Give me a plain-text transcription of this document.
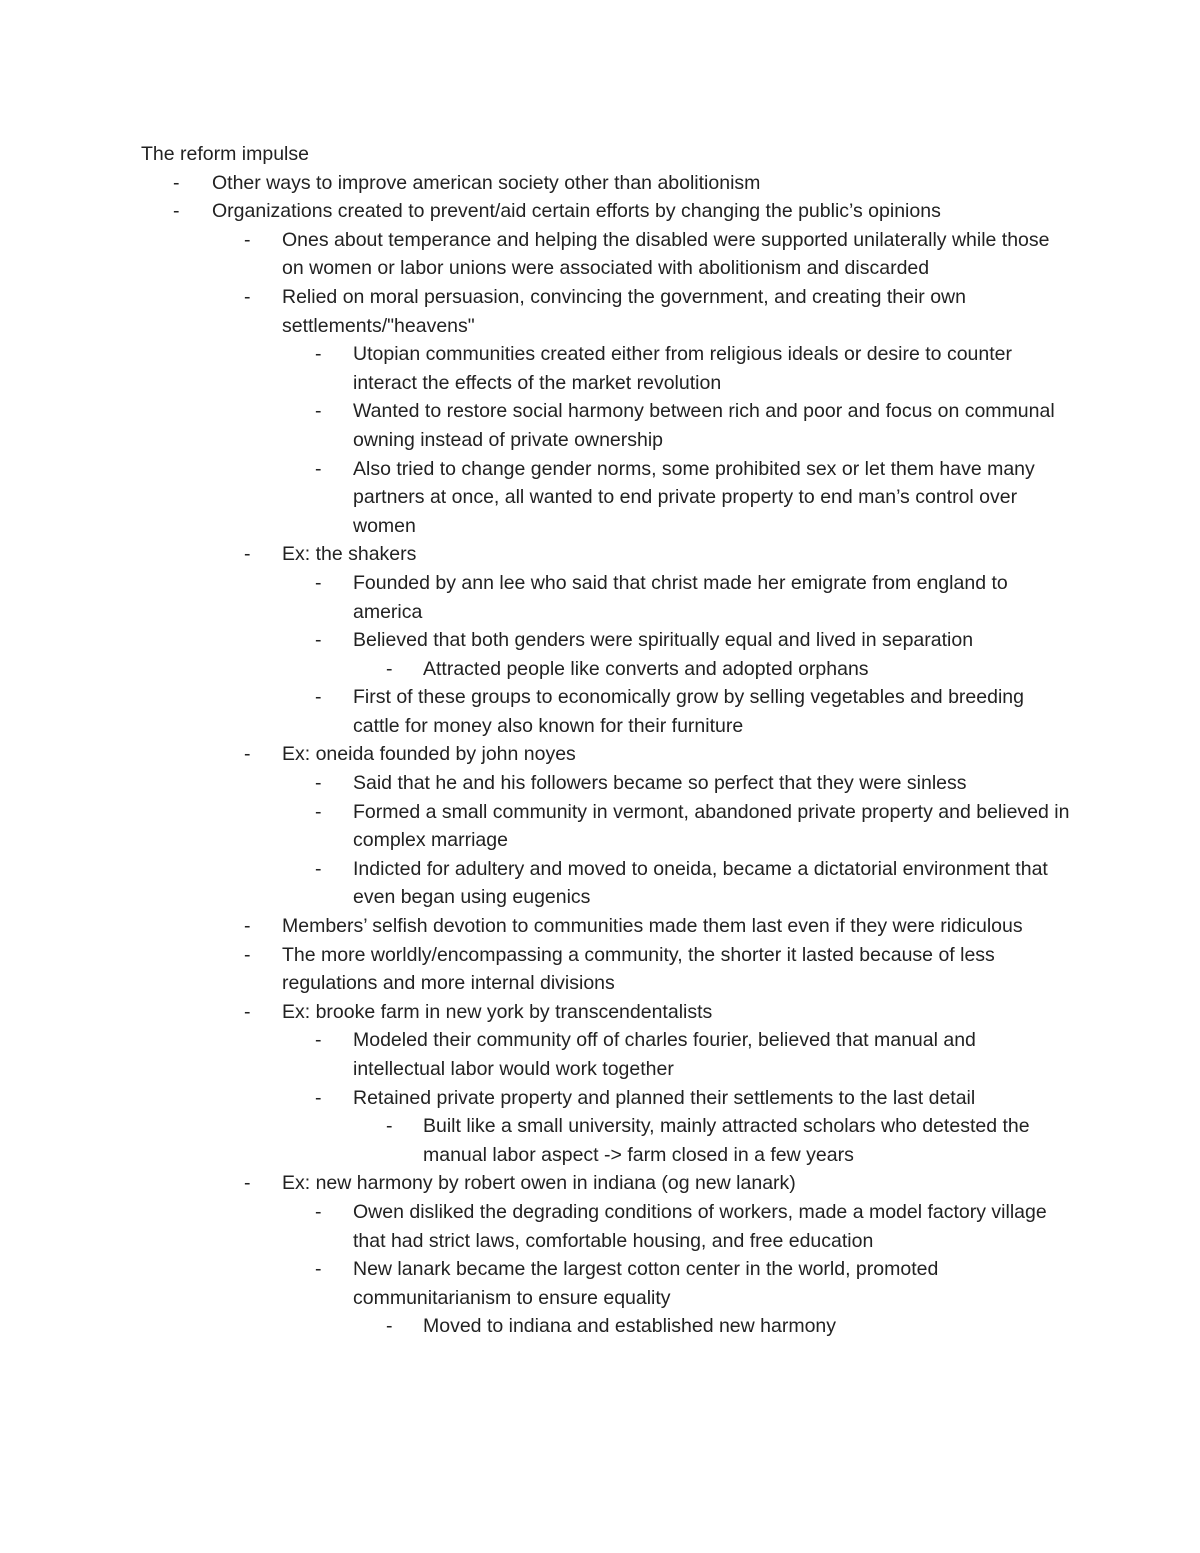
The reform impulse

- Other ways to improve american society other than abolitionism
- Organizations created to prevent/aid certain efforts by changing the public’s opinions
- Ones about temperance and helping the disabled were supported unilaterally while those on women or labor unions were associated with abolitionism and discarded
- Relied on moral persuasion, convincing the government, and creating their own settlements/"heavens"
- Utopian communities created either from religious ideals or desire to counter interact the effects of the market revolution
- Wanted to restore social harmony between rich and poor and focus on communal owning instead of private ownership
- Also tried to change gender norms, some prohibited sex or let them have many partners at once, all wanted to end private property to end man’s control over women
- Ex: the shakers
- Founded by ann lee who said that christ made her emigrate from england to america
- Believed that both genders were spiritually equal and lived in separation
- Attracted people like converts and adopted orphans
- First of these groups to economically grow by selling vegetables and breeding cattle for money also known for their furniture
- Ex: oneida founded by john noyes
- Said that he and his followers became so perfect that they were sinless
- Formed a small community in vermont, abandoned private property and believed in complex marriage
- Indicted for adultery and moved to oneida, became a dictatorial environment that even began using eugenics
- Members’ selfish devotion to communities made them last even if they were ridiculous
- The more worldly/encompassing a community, the shorter it lasted because of less regulations and more internal divisions
- Ex: brooke farm in new york by transcendentalists
- Modeled their community off of charles fourier, believed that manual and intellectual labor would work together
- Retained private property and planned their settlements to the last detail
- Built like a small university, mainly attracted scholars who detested the manual labor aspect -> farm closed in a few years
- Ex: new harmony by robert owen in indiana (og new lanark)
- Owen disliked the degrading conditions of workers, made a model factory village that had strict laws, comfortable housing, and free education
- New lanark became the largest cotton center in the world, promoted communitarianism to ensure equality
- Moved to indiana and established new harmony
